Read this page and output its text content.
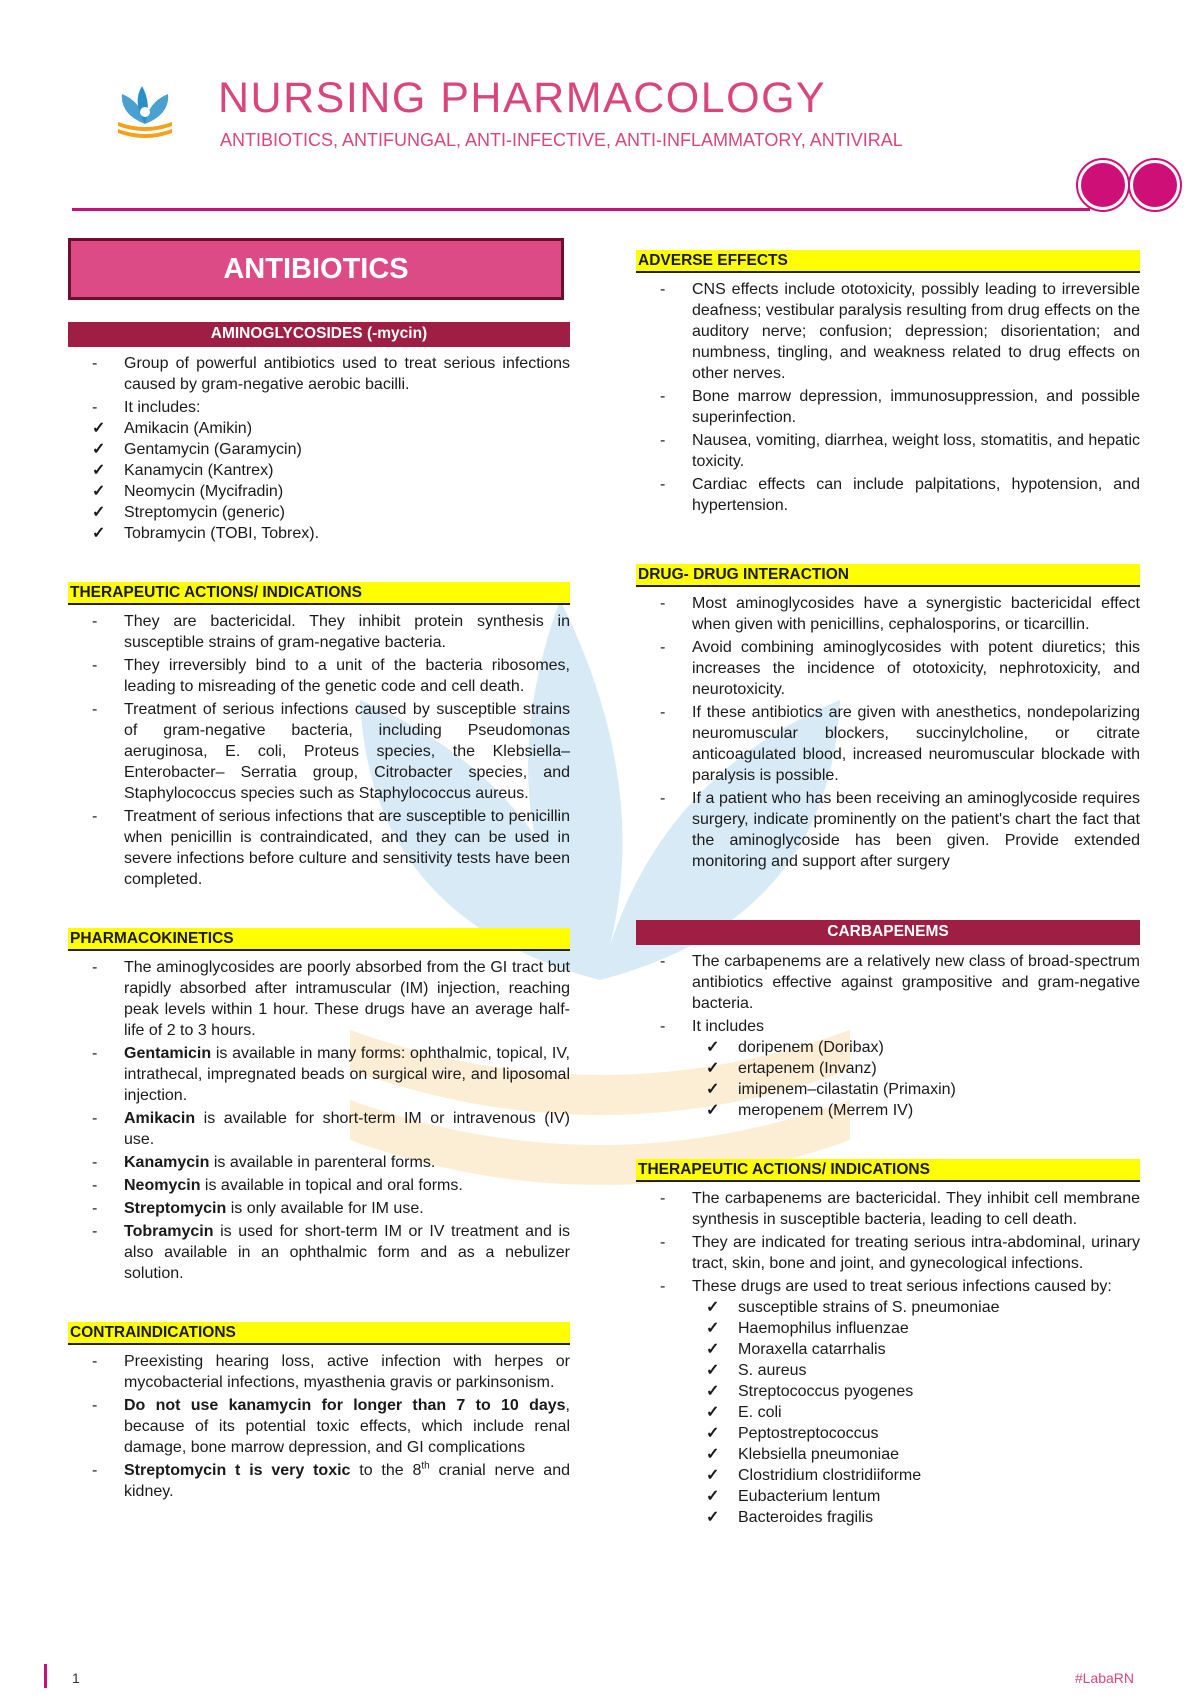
NURSING PHARMACOLOGY
ANTIBIOTICS, ANTIFUNGAL, ANTI-INFECTIVE, ANTI-INFLAMMATORY, ANTIVIRAL
ANTIBIOTICS
AMINOGLYCOSIDES (-mycin)
- Group of powerful antibiotics used to treat serious infections caused by gram-negative aerobic bacilli.
- It includes:
✓ Amikacin (Amikin)
✓ Gentamycin (Garamycin)
✓ Kanamycin (Kantrex)
✓ Neomycin (Mycifradin)
✓ Streptomycin (generic)
✓ Tobramycin (TOBI, Tobrex).
THERAPEUTIC ACTIONS/ INDICATIONS
- They are bactericidal. They inhibit protein synthesis in susceptible strains of gram-negative bacteria.
- They irreversibly bind to a unit of the bacteria ribosomes, leading to misreading of the genetic code and cell death.
- Treatment of serious infections caused by susceptible strains of gram-negative bacteria, including Pseudomonas aeruginosa, E. coli, Proteus species, the Klebsiella–Enterobacter– Serratia group, Citrobacter species, and Staphylococcus species such as Staphylococcus aureus.
- Treatment of serious infections that are susceptible to penicillin when penicillin is contraindicated, and they can be used in severe infections before culture and sensitivity tests have been completed.
PHARMACOKINETICS
- The aminoglycosides are poorly absorbed from the GI tract but rapidly absorbed after intramuscular (IM) injection, reaching peak levels within 1 hour. These drugs have an average half-life of 2 to 3 hours.
- Gentamicin is available in many forms: ophthalmic, topical, IV, intrathecal, impregnated beads on surgical wire, and liposomal injection.
- Amikacin is available for short-term IM or intravenous (IV) use.
- Kanamycin is available in parenteral forms.
- Neomycin is available in topical and oral forms.
- Streptomycin is only available for IM use.
- Tobramycin is used for short-term IM or IV treatment and is also available in an ophthalmic form and as a nebulizer solution.
CONTRAINDICATIONS
- Preexisting hearing loss, active infection with herpes or mycobacterial infections, myasthenia gravis or parkinsonism.
- Do not use kanamycin for longer than 7 to 10 days, because of its potential toxic effects, which include renal damage, bone marrow depression, and GI complications
- Streptomycin t is very toxic to the 8th cranial nerve and kidney.
ADVERSE EFFECTS
- CNS effects include ototoxicity, possibly leading to irreversible deafness; vestibular paralysis resulting from drug effects on the auditory nerve; confusion; depression; disorientation; and numbness, tingling, and weakness related to drug effects on other nerves.
- Bone marrow depression, immunosuppression, and possible superinfection.
- Nausea, vomiting, diarrhea, weight loss, stomatitis, and hepatic toxicity.
- Cardiac effects can include palpitations, hypotension, and hypertension.
DRUG- DRUG INTERACTION
- Most aminoglycosides have a synergistic bactericidal effect when given with penicillins, cephalosporins, or ticarcillin.
- Avoid combining aminoglycosides with potent diuretics; this increases the incidence of ototoxicity, nephrotoxicity, and neurotoxicity.
- If these antibiotics are given with anesthetics, nondepolarizing neuromuscular blockers, succinylcholine, or citrate anticoagulated blood, increased neuromuscular blockade with paralysis is possible.
- If a patient who has been receiving an aminoglycoside requires surgery, indicate prominently on the patient's chart the fact that the aminoglycoside has been given. Provide extended monitoring and support after surgery
CARBAPENEMS
- The carbapenems are a relatively new class of broad-spectrum antibiotics effective against grampositive and gram-negative bacteria.
- It includes
✓ doripenem (Doribax)
✓ ertapenem (Invanz)
✓ imipenem–cilastatin (Primaxin)
✓ meropenem (Merrem IV)
THERAPEUTIC ACTIONS/ INDICATIONS
- The carbapenems are bactericidal. They inhibit cell membrane synthesis in susceptible bacteria, leading to cell death.
- They are indicated for treating serious intra-abdominal, urinary tract, skin, bone and joint, and gynecological infections.
- These drugs are used to treat serious infections caused by:
✓ susceptible strains of S. pneumoniae
✓ Haemophilus influenzae
✓ Moraxella catarrhalis
✓ S. aureus
✓ Streptococcus pyogenes
✓ E. coli
✓ Peptostreptococcus
✓ Klebsiella pneumoniae
✓ Clostridium clostridiiforme
✓ Eubacterium lentum
✓ Bacteroides fragilis
1	#LabaRN
